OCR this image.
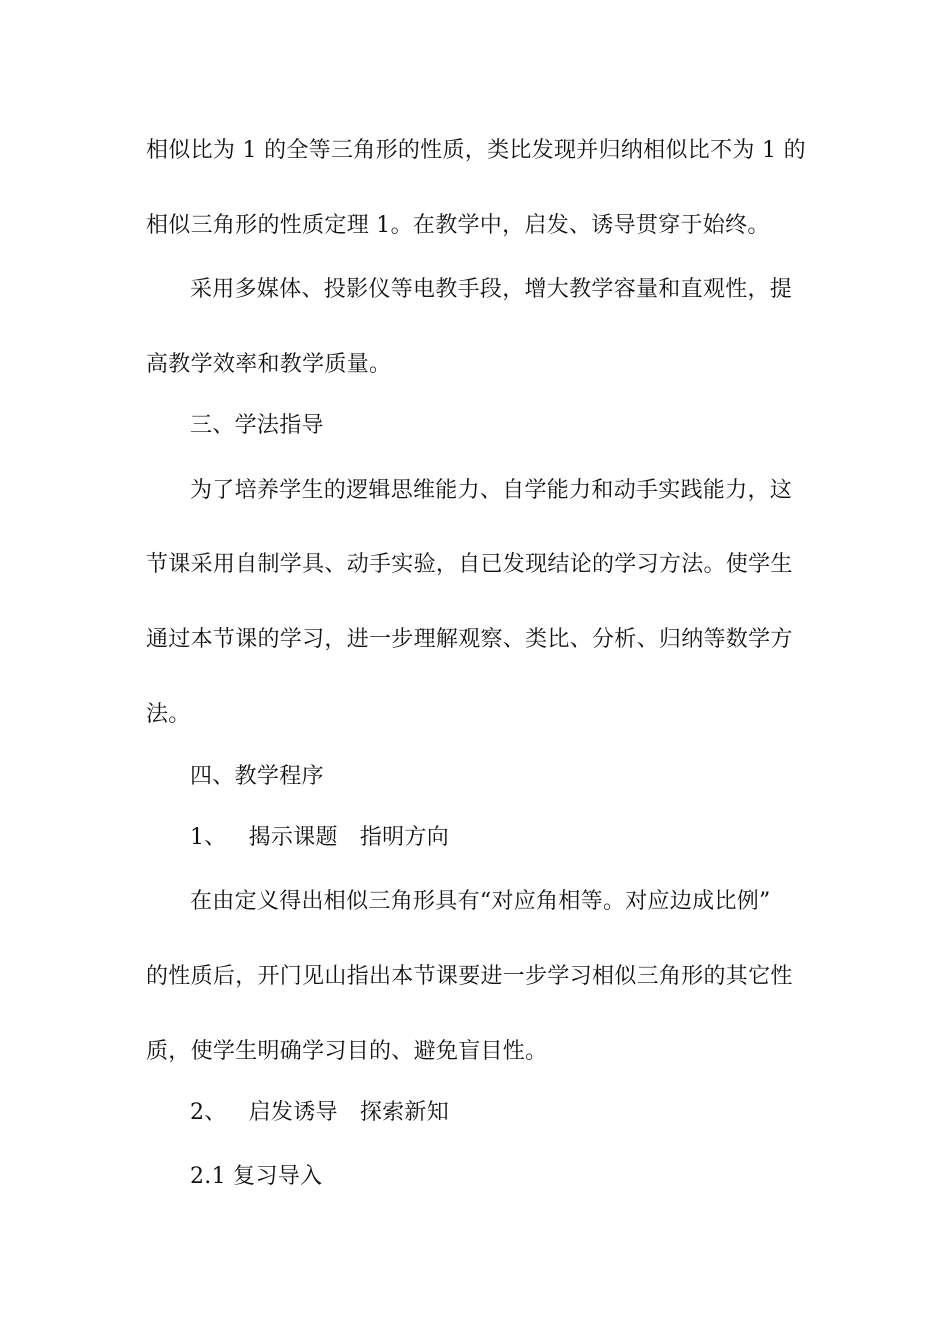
相似比为 1 的全等三角形的性质，类比发现并归纳相似比不为 1 的
相似三角形的性质定理 1。在教学中，启发、诱导贯穿于始终。
采用多媒体、投影仪等电教手段，增大教学容量和直观性，提
高教学效率和教学质量。
三、学法指导
为了培养学生的逻辑思维能力、自学能力和动手实践能力，这
节课采用自制学具、动手实验，自已发现结论的学习方法。使学生
通过本节课的学习，进一步理解观察、类比、分析、归纳等数学方
法。
四、教学程序
1、 揭示课题 指明方向
在由定义得出相似三角形具有“对应角相等。对应边成比例”
的性质后，开门见山指出本节课要进一步学习相似三角形的其它性
质，使学生明确学习目的、避免盲目性。
2、 启发诱导 探索新知
2.1 复习导入
